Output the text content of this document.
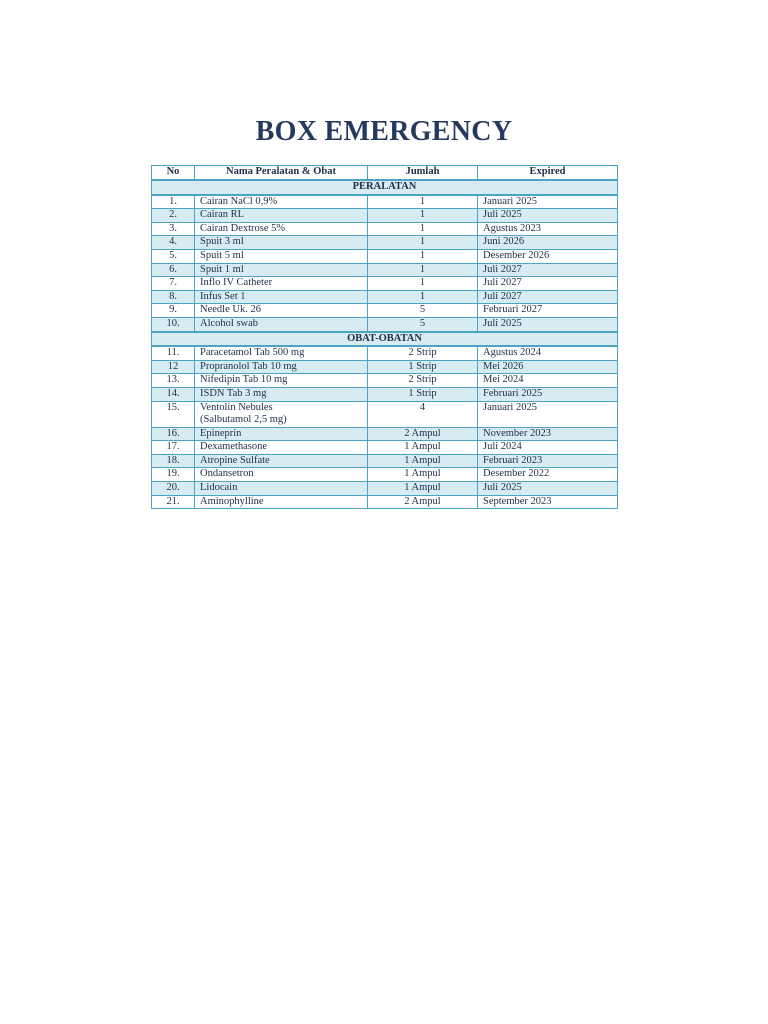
BOX EMERGENCY
No	Nama Peralatan & Obat	Jumlah	Expired
PERALATAN			
1.	Cairan NaCl 0,9%	1	Januari 2025
2.	Cairan RL	1	Juli 2025
3.	Cairan Dextrose 5%	1	Agustus 2023
4.	Spuit 3 ml	1	Juni 2026
5.	Spuit 5 ml	1	Desember 2026
6.	Spuit 1 ml	1	Juli 2027
7.	Inflo IV Catheter	1	Juli 2027
8.	Infus Set 1	1	Juli 2027
9.	Needle Uk. 26	5	Februari 2027
10.	Alcohol swab	5	Juli 2025
OBAT-OBATAN			
11.	Paracetamol Tab 500 mg	2 Strip	Agustus 2024
12	Propranolol Tab 10 mg	1 Strip	Mei 2026
13.	Nifedipin Tab 10 mg	2 Strip	Mei 2024
14.	ISDN Tab 3 mg	1 Strip	Februari 2025
15.	Ventolin Nebules
(Salbutamol 2,5 mg)	4	Januari 2025
16.	Epineprin	2 Ampul	November 2023
17.	Dexamethasone	1 Ampul	Juli 2024
18.	Atropine Sulfate	1 Ampul	Februari 2023
19.	Ondansetron	1 Ampul	Desember 2022
20.	Lidocain	1 Ampul	Juli 2025
21.	Aminophylline	2 Ampul	September 2023
